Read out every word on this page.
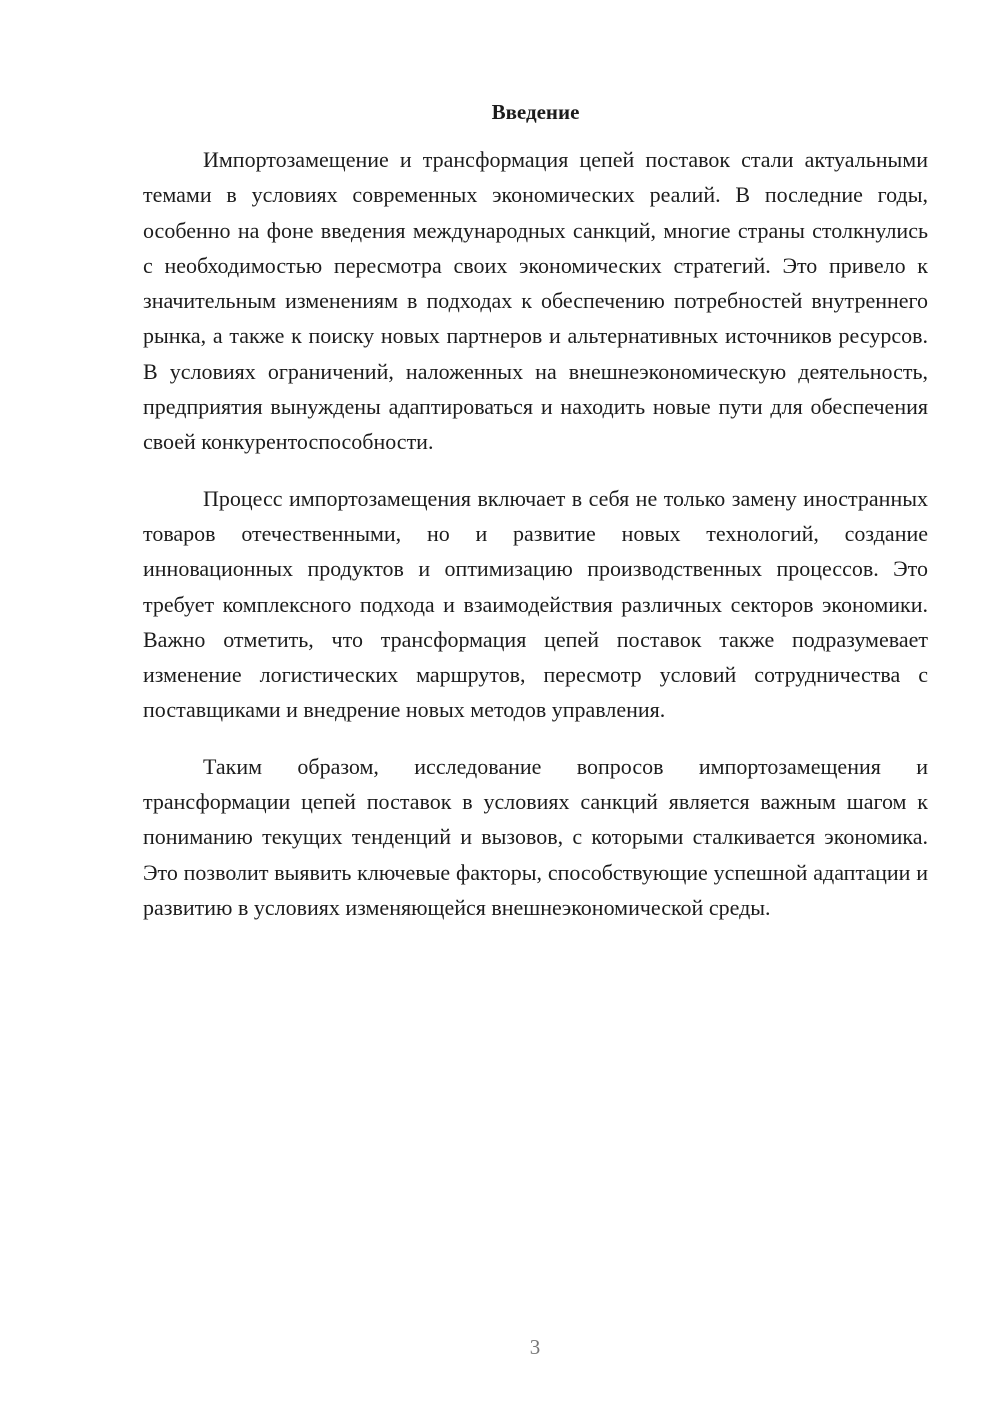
Введение

Импортозамещение и трансформация цепей поставок стали актуальными темами в условиях современных экономических реалий. В последние годы, особенно на фоне введения международных санкций, многие страны столкнулись с необходимостью пересмотра своих экономических стратегий. Это привело к значительным изменениям в подходах к обеспечению потребностей внутреннего рынка, а также к поиску новых партнеров и альтернативных источников ресурсов. В условиях ограничений, наложенных на внешнеэкономическую деятельность, предприятия вынуждены адаптироваться и находить новые пути для обеспечения своей конкурентоспособности.

Процесс импортозамещения включает в себя не только замену иностранных товаров отечественными, но и развитие новых технологий, создание инновационных продуктов и оптимизацию производственных процессов. Это требует комплексного подхода и взаимодействия различных секторов экономики. Важно отметить, что трансформация цепей поставок также подразумевает изменение логистических маршрутов, пересмотр условий сотрудничества с поставщиками и внедрение новых методов управления.

Таким образом, исследование вопросов импортозамещения и трансформации цепей поставок в условиях санкций является важным шагом к пониманию текущих тенденций и вызовов, с которыми сталкивается экономика. Это позволит выявить ключевые факторы, способствующие успешной адаптации и развитию в условиях изменяющейся внешнеэкономической среды.

3
